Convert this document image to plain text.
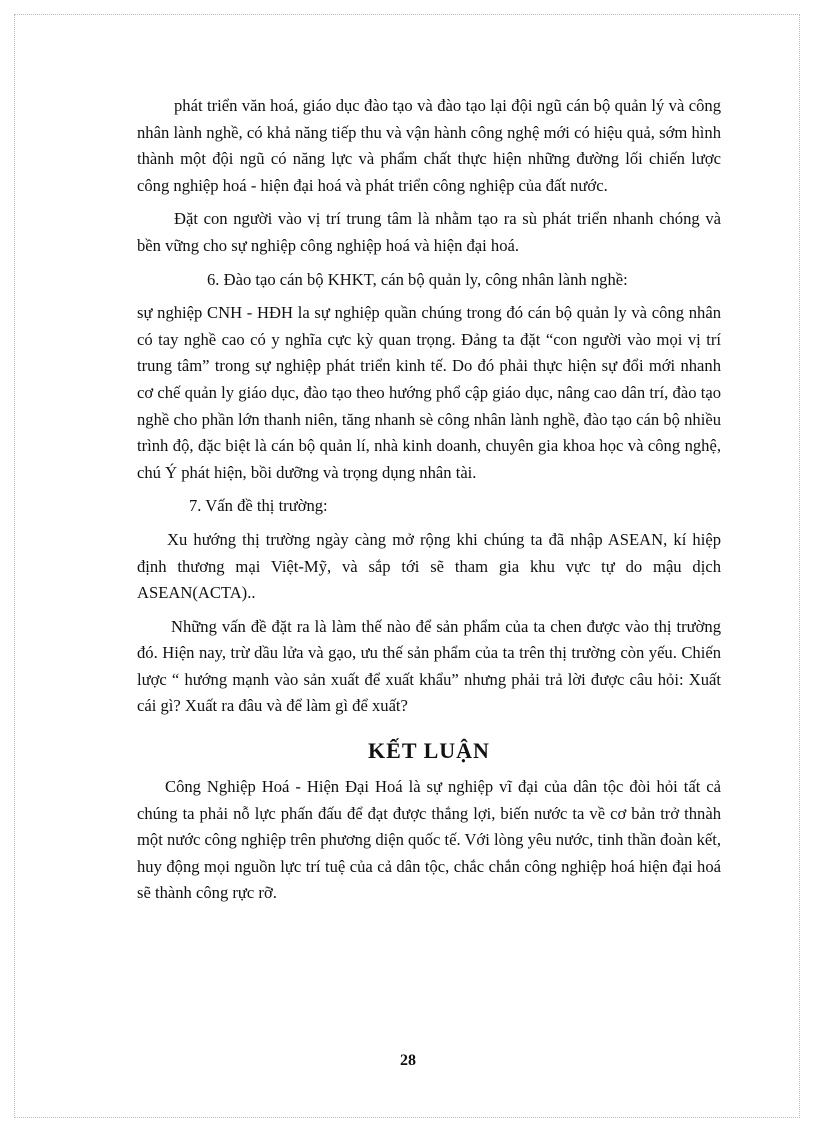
phát triển văn hoá, giáo dục đào tạo và đào tạo lại đội ngũ cán bộ quản lý và công nhân lành nghề, có khả năng tiếp thu và vận hành công nghệ mới có hiệu quả, sớm hình thành một đội ngũ có năng lực và phẩm chất thực hiện những đường lối chiến lược công nghiệp hoá - hiện đại hoá và phát triển công nghiệp của đất nước.

Đặt con người vào vị trí trung tâm là nhằm tạo ra sù phát triển nhanh chóng và bền vững cho sự nghiệp công nghiệp hoá và hiện đại hoá.

6. Đào tạo cán bộ KHKT, cán bộ quản ly, công nhân lành nghề:

sự nghiệp CNH - HĐH la sự nghiệp quần chúng trong đó cán bộ quản ly và công nhân có tay nghề cao có y nghĩa cực kỳ quan trọng. Đảng ta đặt “con người vào mọi vị trí trung tâm” trong sự nghiệp phát triển kinh tế. Do đó phải thực hiện sự đổi mới nhanh cơ chế quản ly giáo dục, đào tạo theo hướng phổ cập giáo dục, nâng cao dân trí, đào tạo nghề cho phần lớn thanh niên, tăng nhanh sè công nhân lành nghề, đào tạo cán bộ nhiều trình độ, đặc biệt là cán bộ quản lí, nhà kinh doanh, chuyên gia khoa học và công nghệ, chú Ý phát hiện, bồi dưỡng và trọng dụng nhân tài.

7. Vấn đề thị trường:

Xu hướng thị trường ngày càng mở rộng khi chúng ta đã nhập ASEAN, kí hiệp định thương mại Việt-Mỹ, và sắp tới sẽ tham gia khu vực tự do mậu dịch ASEAN(ACTA)..

Những vấn đề đặt ra là làm thế nào để sản phẩm của ta chen được vào thị trường đó. Hiện nay, trừ dầu lửa và gạo, ưu thế sản phẩm của ta trên thị trường còn yếu. Chiến lược “ hướng mạnh vào sản xuất để xuất khẩu” nhưng phải trả lời được câu hỏi: Xuất cái gì? Xuất ra đâu và để làm gì để xuất?

KẾT LUẬN

Công Nghiệp Hoá - Hiện Đại Hoá là sự nghiệp vĩ đại của dân tộc đòi hỏi tất cả chúng ta phải nỗ lực phấn đấu để đạt được thắng lợi, biến nước ta về cơ bản trở thnàh một nước công nghiệp trên phương diện quốc tế. Với lòng yêu nước, tinh thần đoàn kết, huy động mọi nguồn lực trí tuệ của cả dân tộc, chắc chắn công nghiệp hoá hiện đại hoá sẽ thành công rực rỡ.

28
